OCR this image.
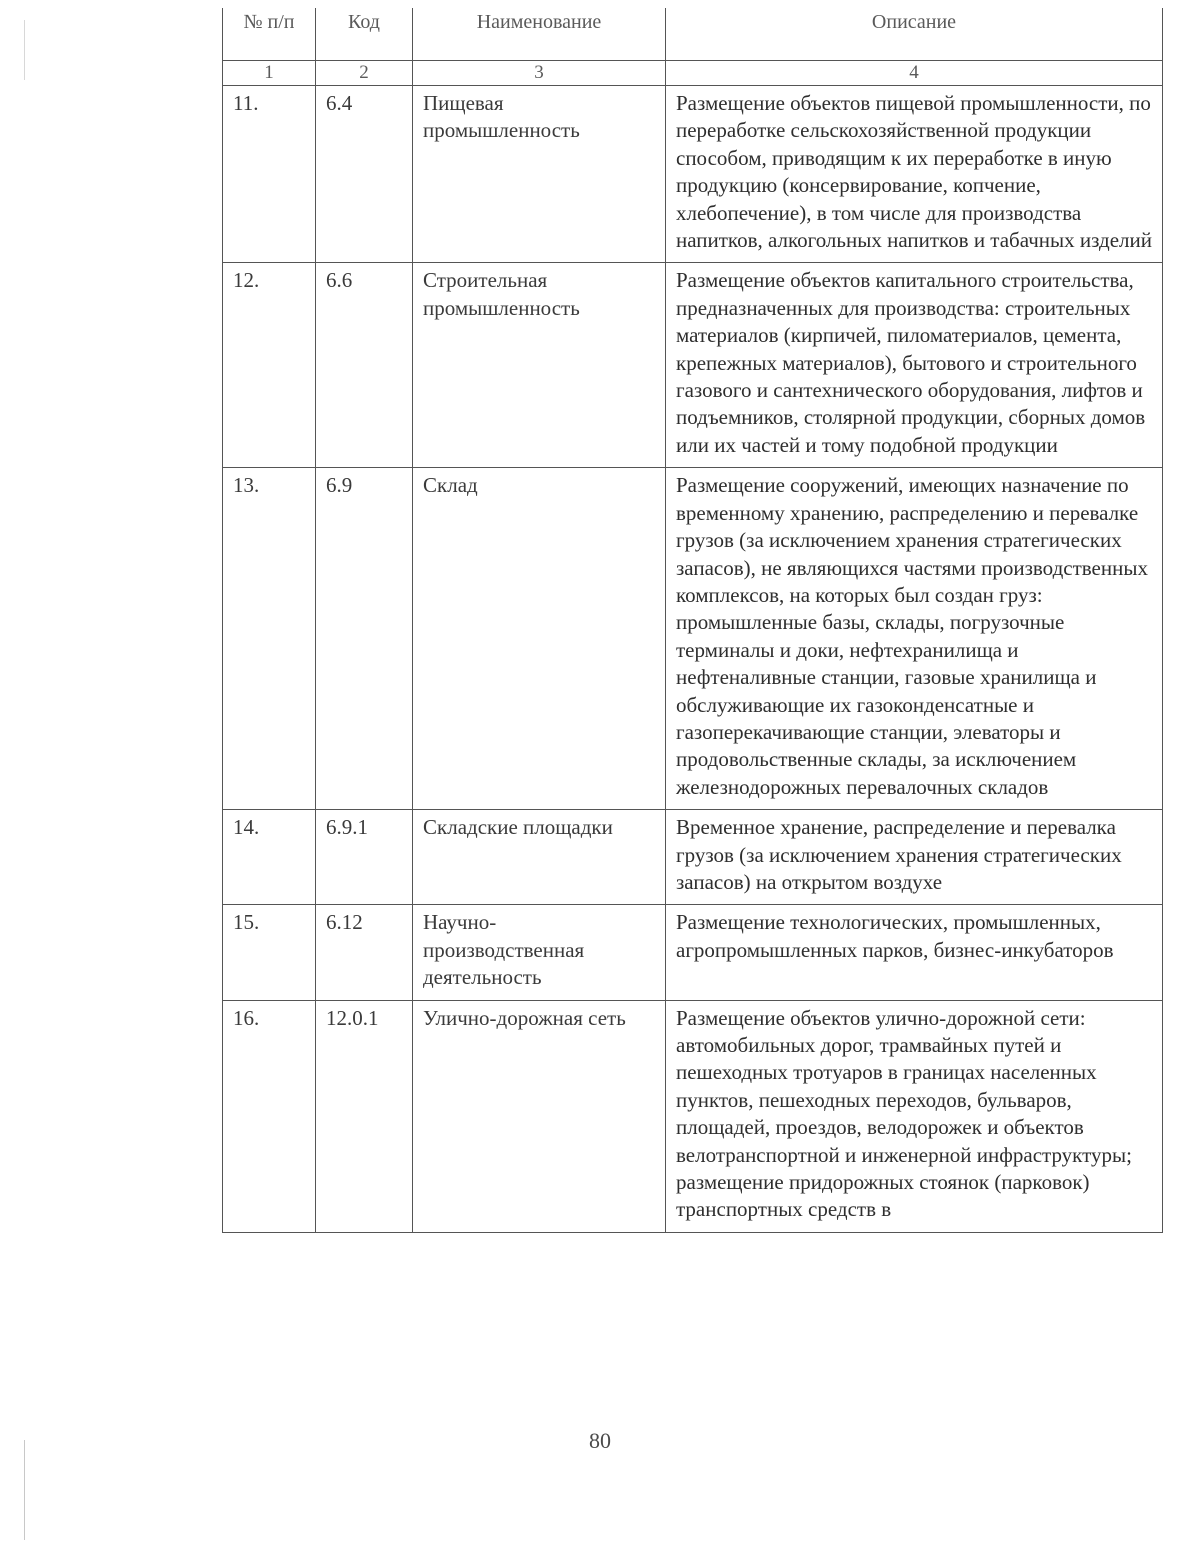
№ п/п	Код	Наименование	Описание
1	2	3	4
11.	6.4	Пищевая промышленность	Размещение объектов пищевой промышленности, по переработке сельскохозяйственной продукции способом, приводящим к их переработке в иную продукцию (консервирование, копчение, хлебопечение), в том числе для производства напитков, алкогольных напитков и табачных изделий
12.	6.6	Строительная промышленность	Размещение объектов капитального строительства, предназначенных для производства: строительных материалов (кирпичей, пиломатериалов, цемента, крепежных материалов), бытового и строительного газового и сантехнического оборудования, лифтов и подъемников, столярной продукции, сборных домов или их частей и тому подобной продукции
13.	6.9	Склад	Размещение сооружений, имеющих назначение по временному хранению, распределению и перевалке грузов (за исключением хранения стратегических запасов), не являющихся частями производственных комплексов, на которых был создан груз: промышленные базы, склады, погрузочные терминалы и доки, нефтехранилища и нефтеналивные станции, газовые хранилища и обслуживающие их газоконденсатные и газоперекачивающие станции, элеваторы и продовольственные склады, за исключением железнодорожных перевалочных складов
14.	6.9.1	Складские площадки	Временное хранение, распределение и перевалка грузов (за исключением хранения стратегических запасов) на открытом воздухе
15.	6.12	Научно-производственная деятельность	Размещение технологических, промышленных, агропромышленных парков, бизнес-инкубаторов
16.	12.0.1	Улично-дорожная сеть	Размещение объектов улично-дорожной сети: автомобильных дорог, трамвайных путей и пешеходных тротуаров в границах населенных пунктов, пешеходных переходов, бульваров, площадей, проездов, велодорожек и объектов велотранспортной и инженерной инфраструктуры; размещение придорожных стоянок (парковок) транспортных средств в
80
